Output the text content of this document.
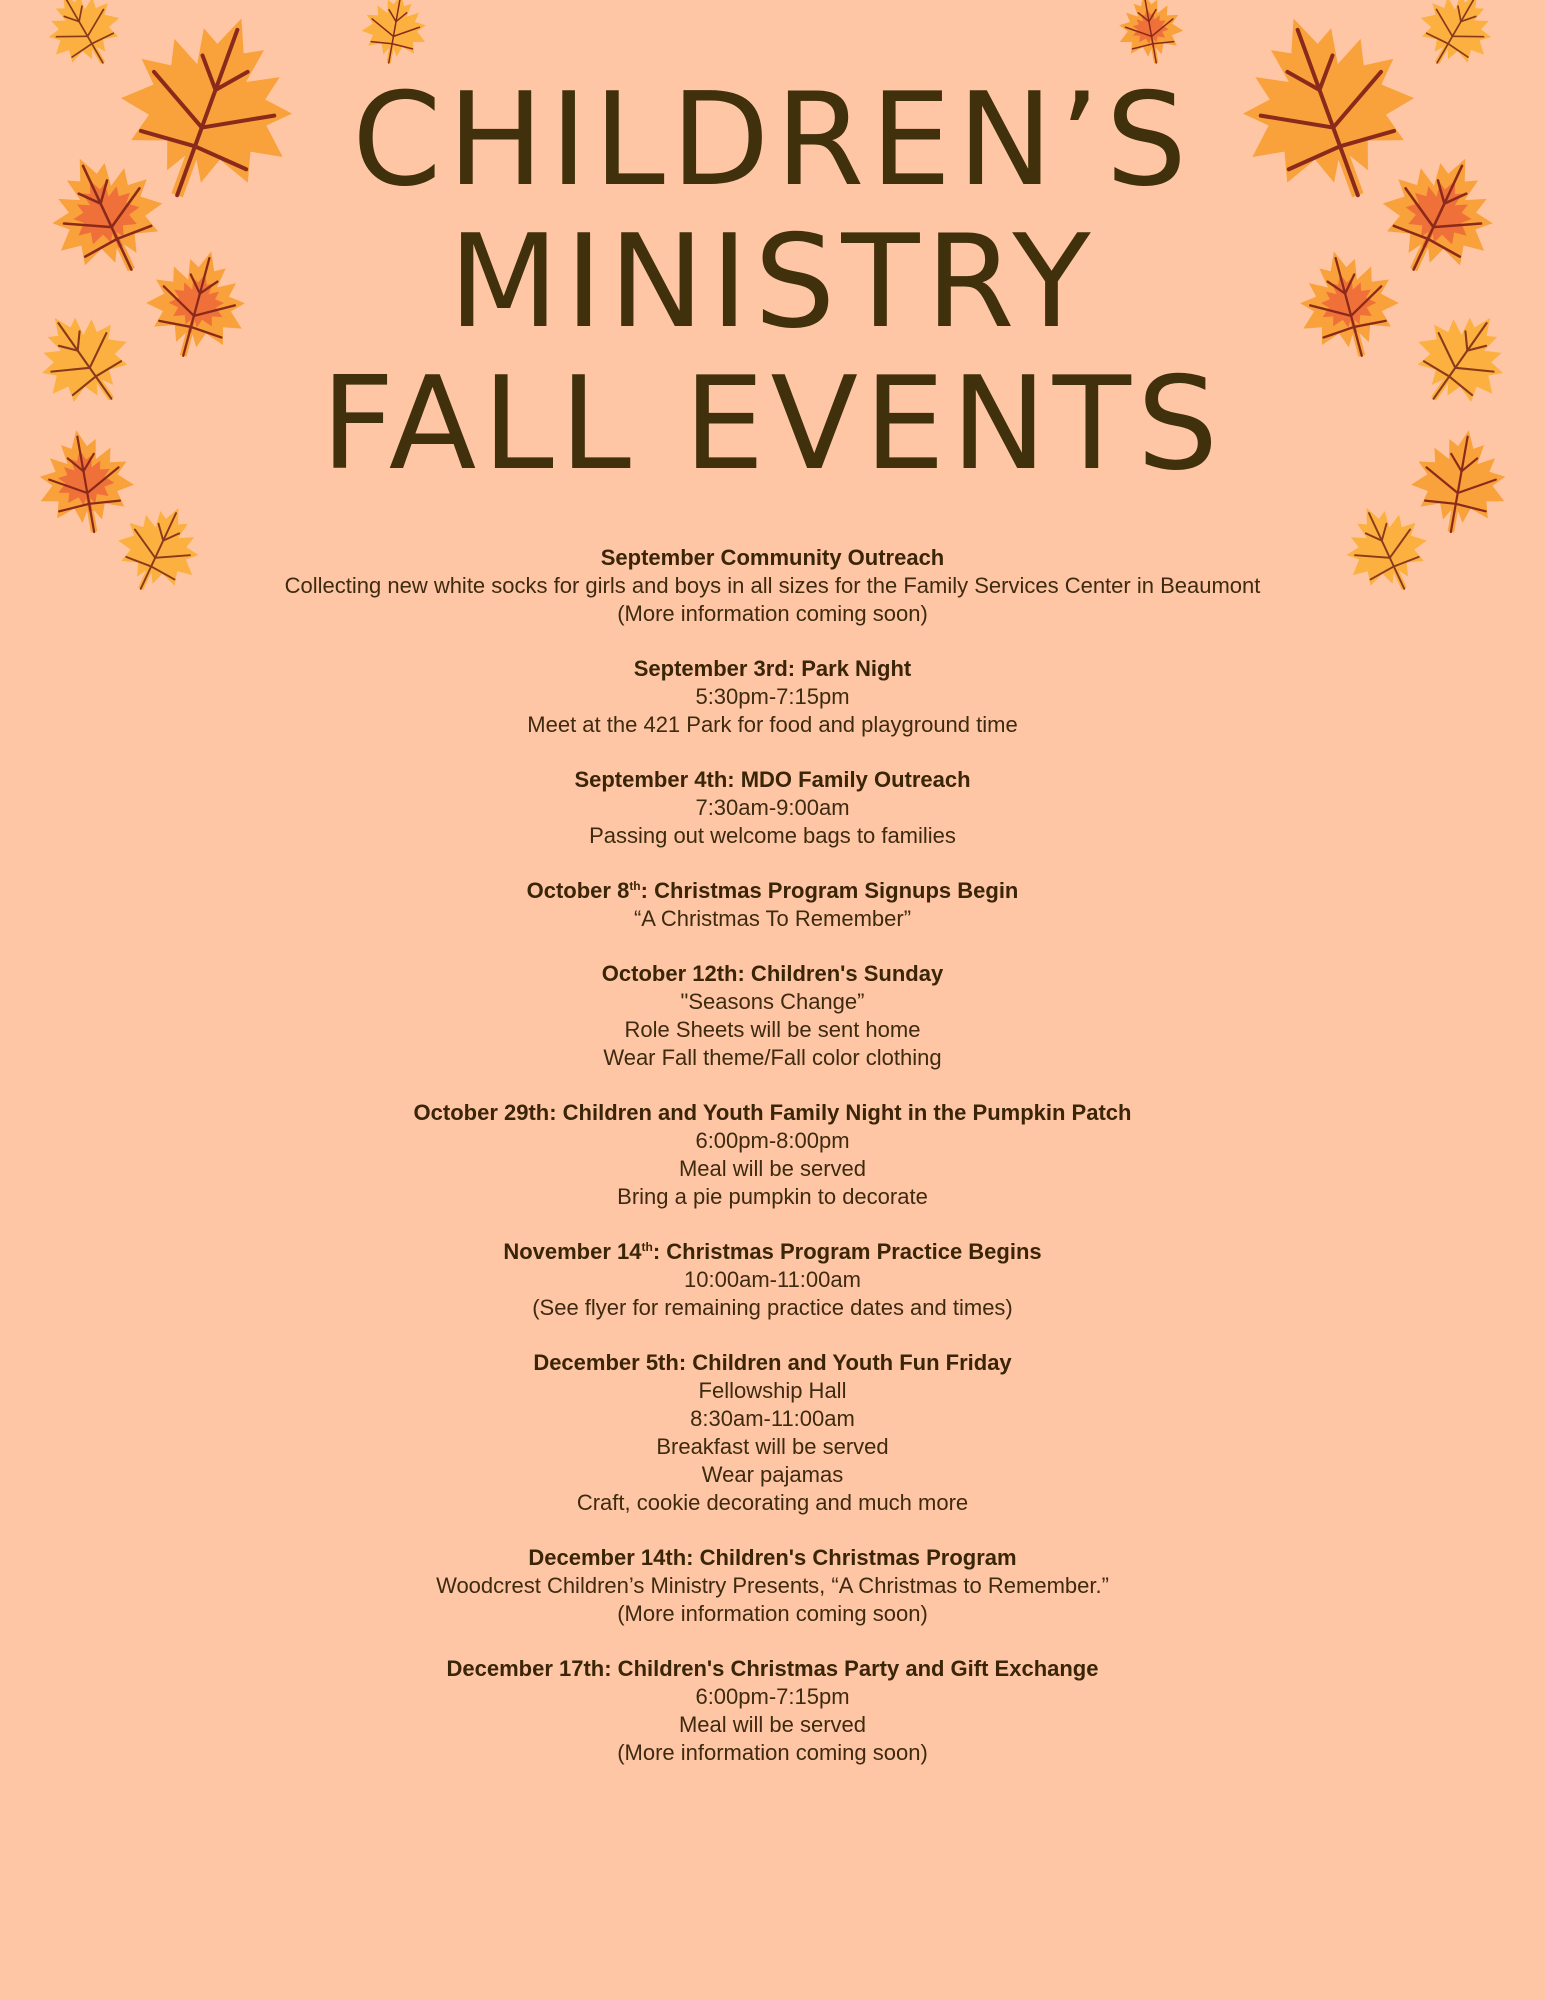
CHILDREN’S
MINISTRY
FALL EVENTS
September Community Outreach
Collecting new white socks for girls and boys in all sizes for the Family Services Center in Beaumont
(More information coming soon)
September 3rd: Park Night
5:30pm-7:15pm
Meet at the 421 Park for food and playground time
September 4th: MDO Family Outreach
7:30am-9:00am
Passing out welcome bags to families
October 8th: Christmas Program Signups Begin
“A Christmas To Remember”
October 12th: Children's Sunday
"Seasons Change”
Role Sheets will be sent home
Wear Fall theme/Fall color clothing
October 29th: Children and Youth Family Night in the Pumpkin Patch
6:00pm-8:00pm
Meal will be served
Bring a pie pumpkin to decorate
November 14th: Christmas Program Practice Begins
10:00am-11:00am
(See flyer for remaining practice dates and times)
December 5th: Children and Youth Fun Friday
Fellowship Hall
8:30am-11:00am
Breakfast will be served
Wear pajamas
Craft, cookie decorating and much more
December 14th: Children's Christmas Program
Woodcrest Children’s Ministry Presents, “A Christmas to Remember.”
(More information coming soon)
December 17th: Children's Christmas Party and Gift Exchange
6:00pm-7:15pm
Meal will be served
(More information coming soon)
